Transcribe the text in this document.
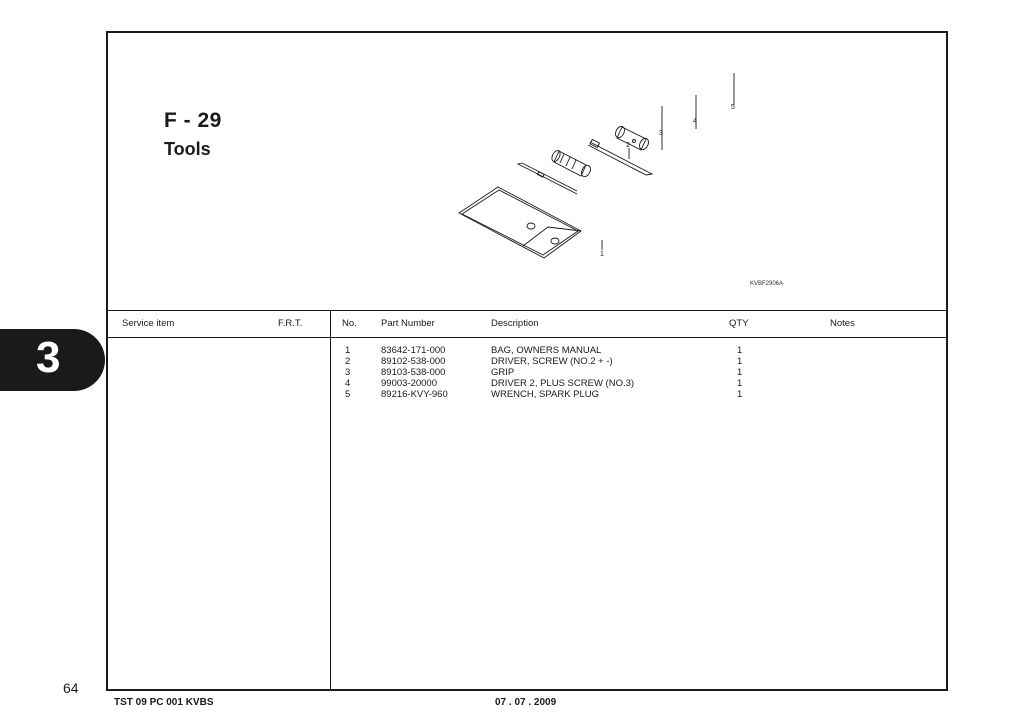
3
F - 29
Tools
1
2
3
4
5
KVBF2906A
Service item	F.R.T.	No.	Part Number	Description	QTY	Notes
1	83642-171-000	BAG, OWNERS MANUAL	1
2	89102-538-000	DRIVER, SCREW (NO.2 + -)	1
3	89103-538-000	GRIP	1
4	99003-20000	DRIVER 2, PLUS SCREW (NO.3)	1
5	89216-KVY-960	WRENCH, SPARK PLUG	1
64
TST 09 PC 001 KVBS	07 . 07 . 2009
